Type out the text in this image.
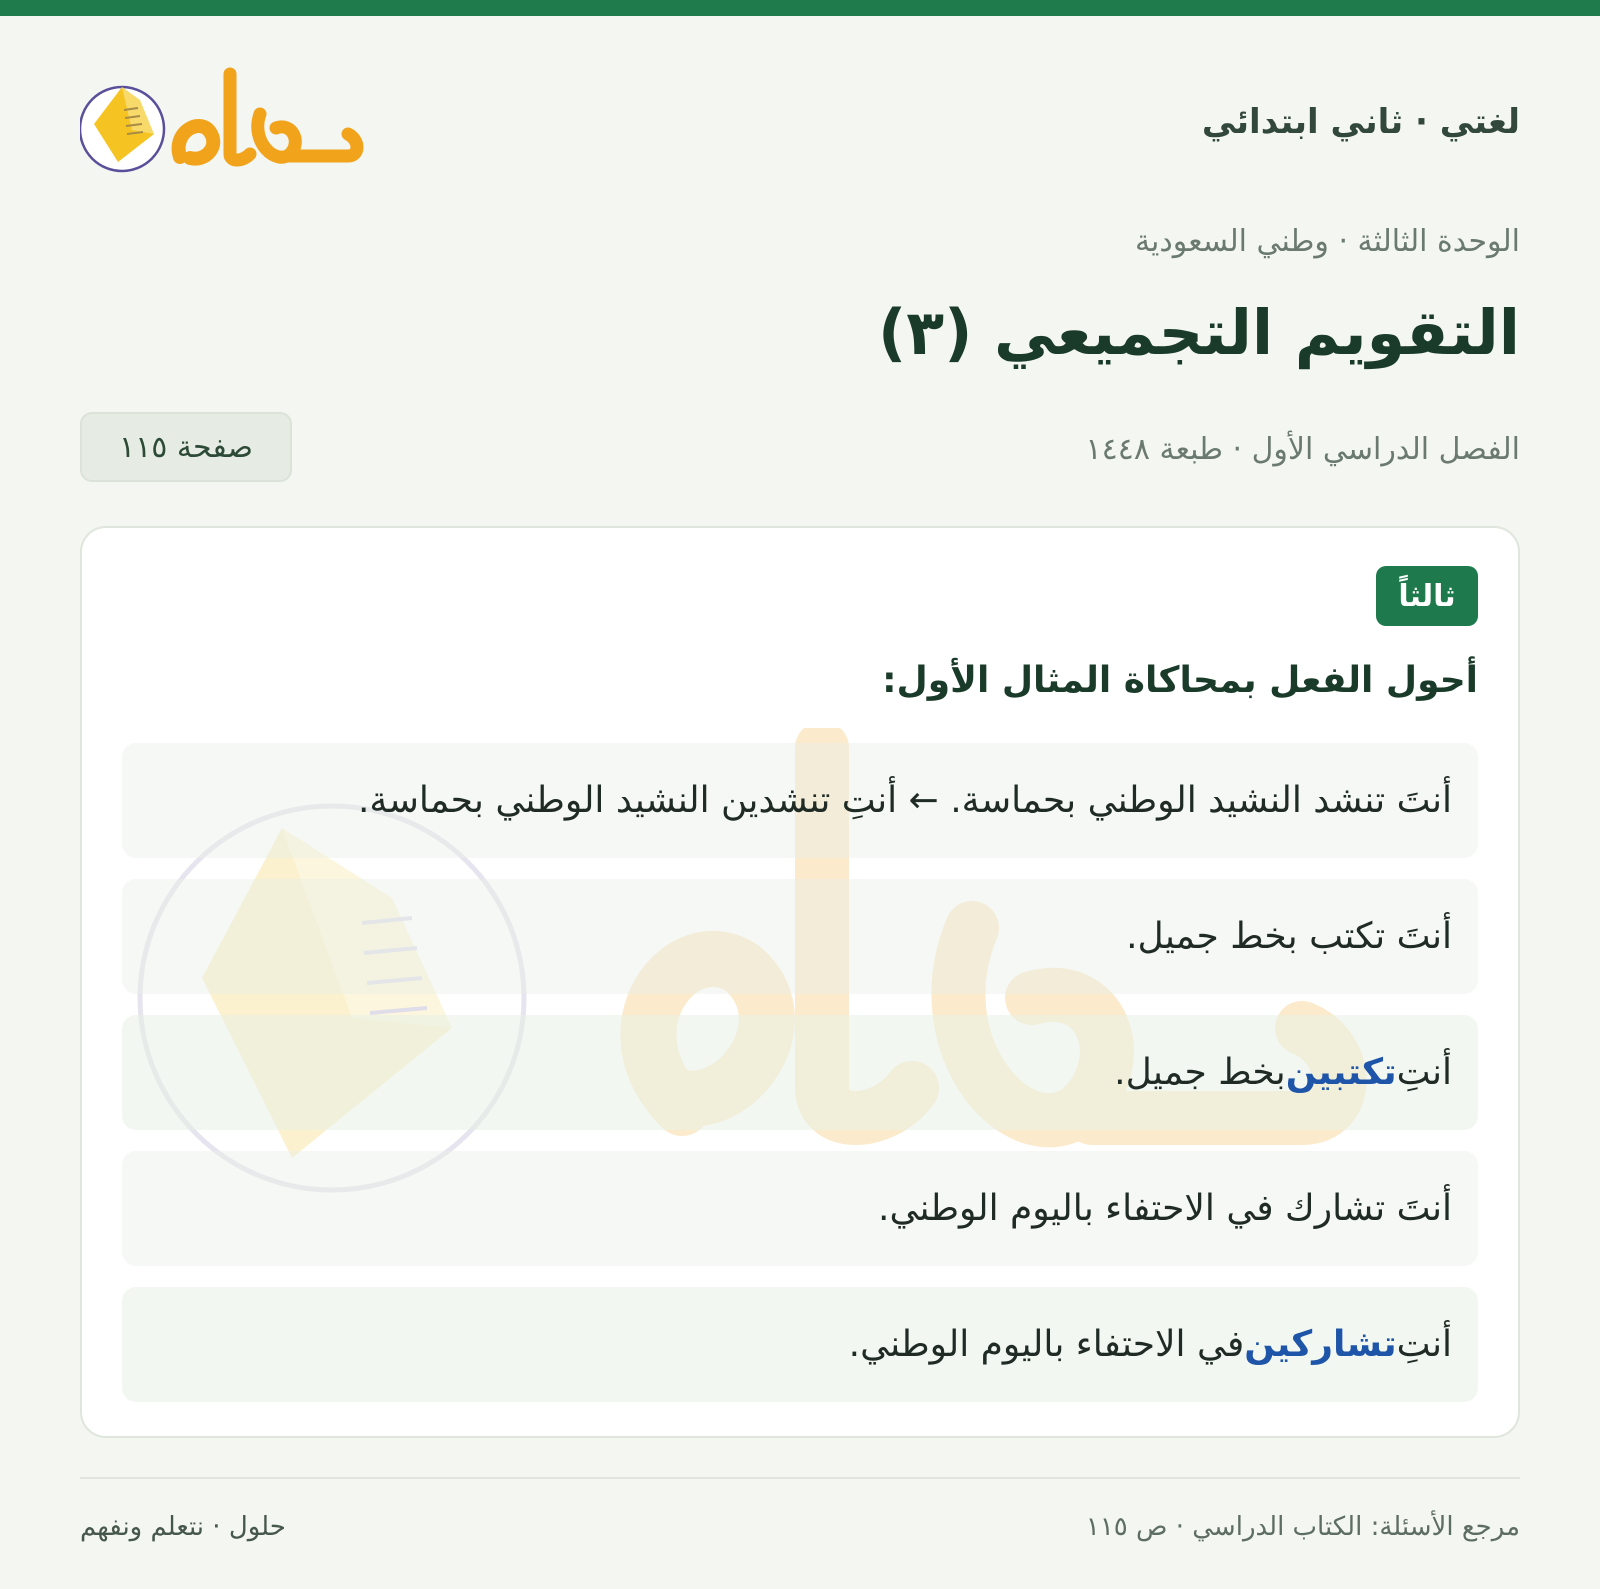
لغتي · ثاني ابتدائي
الوحدة الثالثة · وطني السعودية
التقويم التجميعي (٣)
الفصل الدراسي الأول · طبعة ١٤٤٨
صفحة ١١٥
ثالثاً
أحول الفعل بمحاكاة المثال الأول:
أنتَ تنشد النشيد الوطني بحماسة. ← أنتِ تنشدين النشيد الوطني بحماسة.
أنتَ تكتب بخط جميل.
أنتِ
تكتبين
بخط جميل.
أنتَ تشارك في الاحتفاء باليوم الوطني.
أنتِ
تشاركين
في الاحتفاء باليوم الوطني.
مرجع الأسئلة: الكتاب الدراسي · ص ١١٥
حلول · نتعلم ونفهم
